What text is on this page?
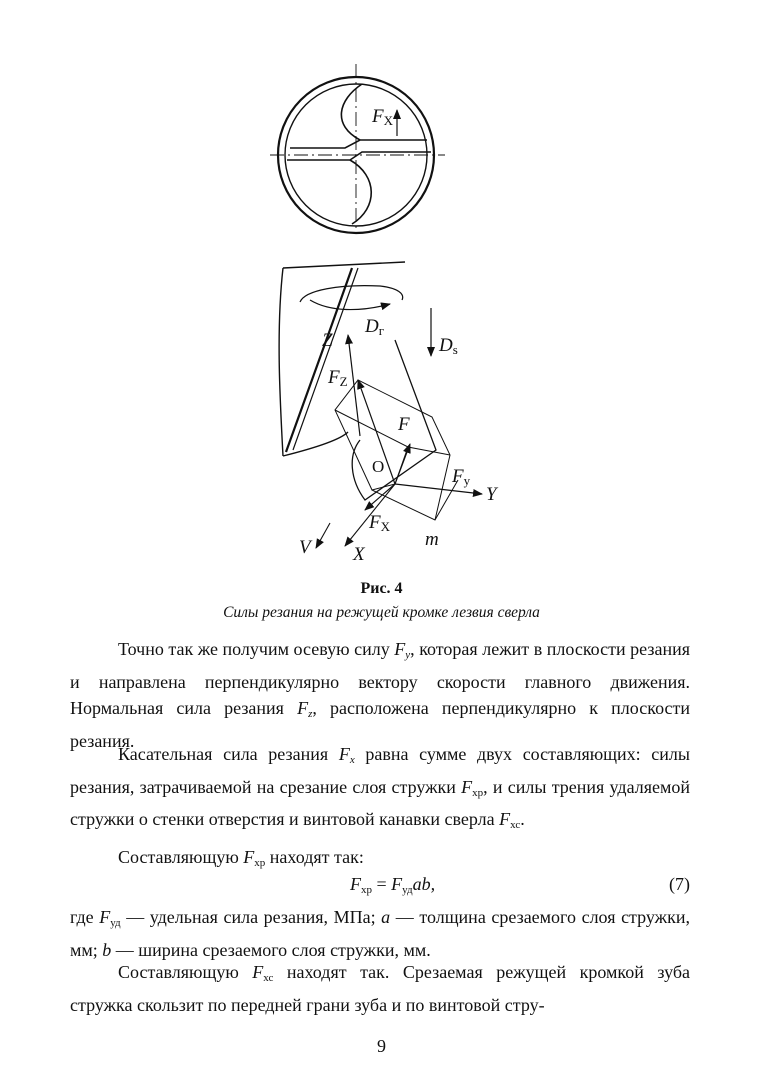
FX
Dг
Ds
Z
FZ
F
O	Fy
Y
FX
m
V X
Рис. 4
Силы резания на режущей кромке лезвия сверла

Точно так же получим осевую силу $F_y$, которая лежит в плоскости резания и направлена перпендикулярно вектору скорости главного движения. Нормальная сила резания $F_z$, расположена перпендикулярно к плоскости резания.

Касательная сила резания $F_x$ равна сумме двух составляющих: силы резания, затрачиваемой на срезание слоя стружки $F_{хр}$, и силы трения удаляемой стружки о стенки отверстия и винтовой канавки сверла $F_{хс}$.

Составляющую $F_{хр}$ находят так:

$F_{хр} = F_{уд}ab$,	(7)

где $F_{уд}$ — удельная сила резания, МПа; a — толщина срезаемого слоя стружки, мм; b — ширина срезаемого слоя стружки, мм.

Составляющую $F_{хс}$ находят так. Срезаемая режущей кромкой зуба стружка скользит по передней грани зуба и по винтовой стру-

9
